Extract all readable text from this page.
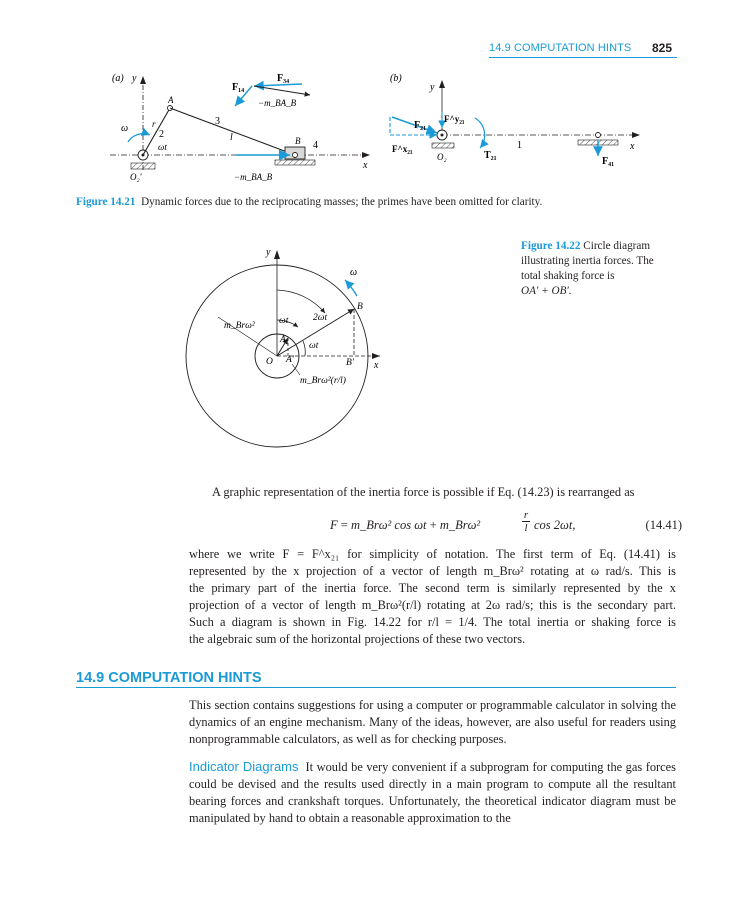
14.9 COMPUTATION HINTS 825
(a) y
x
ω
A
r
2
ωt
O₂'
3
l	B 4
F₁₄
F₃₄
−m_BA_B
−m_BA_B
(b)
y
x
F₂₁
F^y₂₁
F^x₂₁
O₂	T₂₁
1
F₄₁
Figure 14.21 Dynamic forces due to the reciprocating masses; the primes have been omitted for clarity.
y
x
m_Brω²
ω
B
ωt	2ωt
A
ωt
O A'	B'
m_Brω²(r/l)
Figure 14.22 Circle diagram
illustrating inertia forces. The
total shaking force is
OA′ + OB′.
A graphic representation of the inertia force is possible if Eq. (14.23) is rearranged as
F = m_Brω² cos ωt + m_Brω²	$\frac{r}{l}$ cos 2ωt,	(14.41)
where we write F = F^x₂₁ for simplicity of notation. The first term of Eq. (14.41) is
represented by the x projection of a vector of length m_Brω² rotating at ω rad/s. This is
the primary part of the inertia force. The second term is similarly represented by the x
projection of a vector of length m_Brω²(r/l) rotating at 2ω rad/s; this is the secondary part.
Such a diagram is shown in Fig. 14.22 for r/l = 1/4. The total inertia or shaking force is
the algebraic sum of the horizontal projections of these two vectors.
14.9 COMPUTATION HINTS
This section contains suggestions for using a computer or programmable calculator in solving the dynamics of an engine mechanism. Many of the ideas, however, are also useful for readers using nonprogrammable calculators, as well as for checking purposes.
Indicator Diagrams It would be very convenient if a subprogram for computing the gas forces could be devised and the results used directly in a main program to compute all the resultant bearing forces and crankshaft torques. Unfortunately, the theoretical indicator diagram must be manipulated by hand to obtain a reasonable approximation to the
